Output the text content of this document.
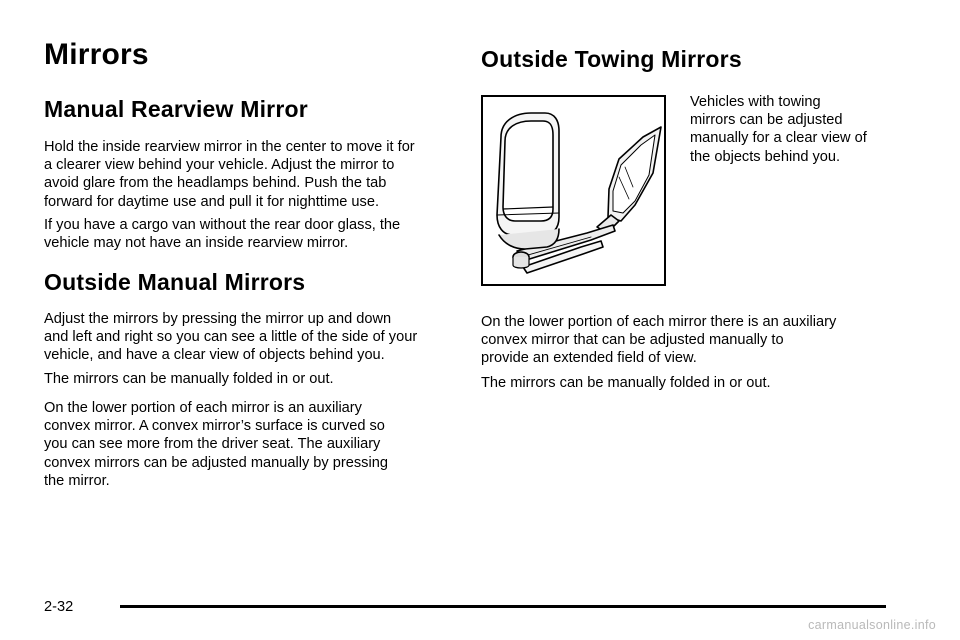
Mirrors
Manual Rearview Mirror

Hold the inside rearview mirror in the center to move it for
a clearer view behind your vehicle. Adjust the mirror to
avoid glare from the headlamps behind. Push the tab
forward for daytime use and pull it for nighttime use.

If you have a cargo van without the rear door glass, the
vehicle may not have an inside rearview mirror.

Outside Manual Mirrors

Adjust the mirrors by pressing the mirror up and down
and left and right so you can see a little of the side of your
vehicle, and have a clear view of objects behind you.

The mirrors can be manually folded in or out.

On the lower portion of each mirror is an auxiliary
convex mirror. A convex mirror’s surface is curved so
you can see more from the driver seat. The auxiliary
convex mirrors can be adjusted manually by pressing
the mirror.

Outside Towing Mirrors

Vehicles with towing
mirrors can be adjusted
manually for a clear view of
the objects behind you.

On the lower portion of each mirror there is an auxiliary
convex mirror that can be adjusted manually to
provide an extended field of view.

The mirrors can be manually folded in or out.

2-32
carmanualsonline.info
